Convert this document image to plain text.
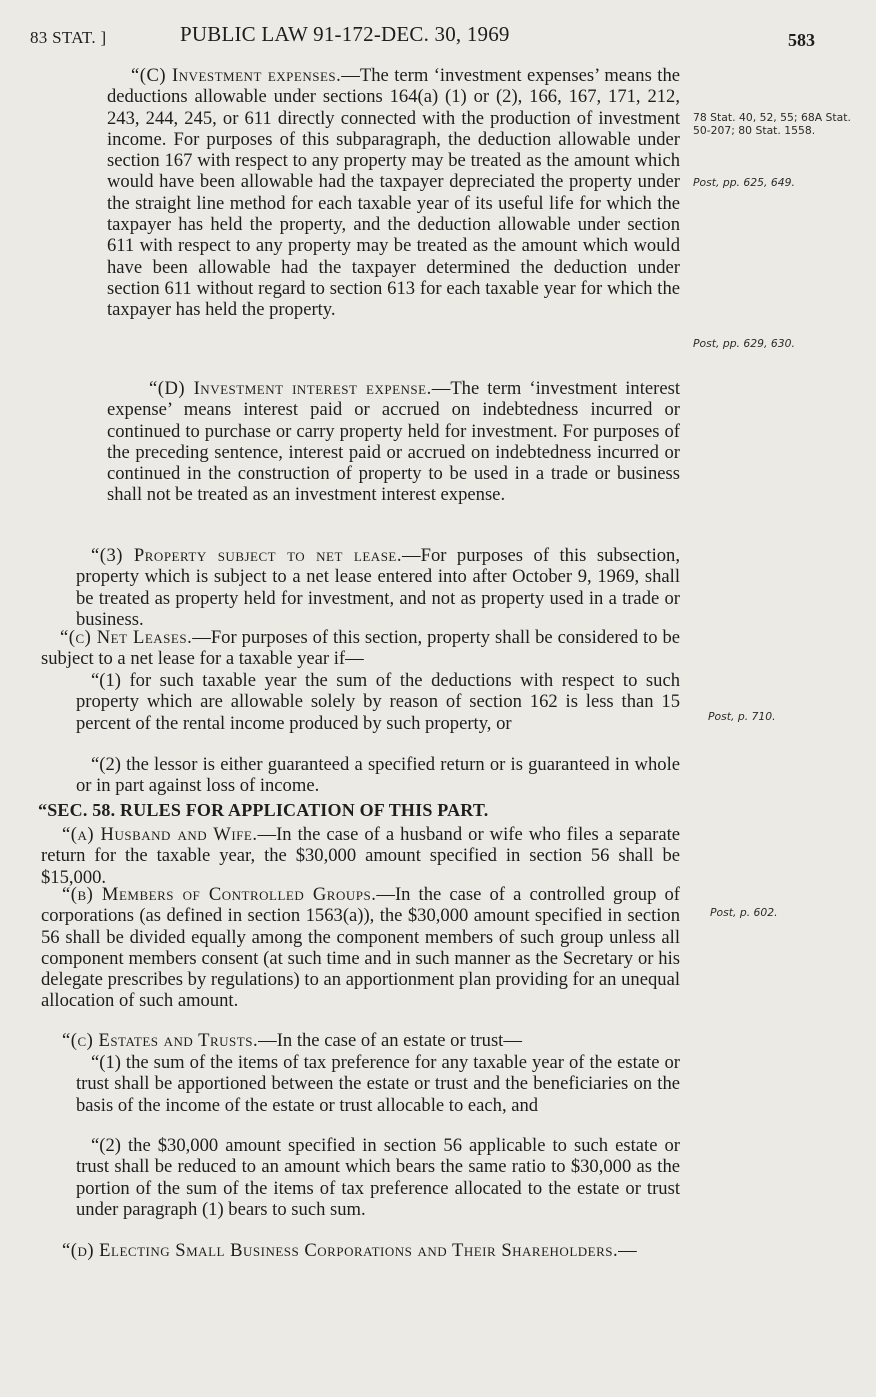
83 STAT. ]	PUBLIC LAW 91-172-DEC. 30, 1969	583

“(C) Investment expenses.—The term ‘investment expenses’ means the deductions allowable under sections 164(a) (1) or (2), 166, 167, 171, 212, 243, 244, 245, or 611 directly connected with the production of investment income. For purposes of this subparagraph, the deduction allowable under section 167 with respect to any property may be treated as the amount which would have been allowable had the taxpayer depreciated the property under the straight line method for each taxable year of its useful life for which the taxpayer has held the property, and the deduction allowable under section 611 with respect to any property may be treated as the amount which would have been allowable had the taxpayer determined the deduction under section 611 without regard to section 613 for each taxable year for which the taxpayer has held the property.

“(D) Investment interest expense.—The term ‘investment interest expense’ means interest paid or accrued on indebtedness incurred or continued to purchase or carry property held for investment. For purposes of the preceding sentence, interest paid or accrued on indebtedness incurred or continued in the construction of property to be used in a trade or business shall not be treated as an investment interest expense.

“(3) Property subject to net lease.—For purposes of this subsection, property which is subject to a net lease entered into after October 9, 1969, shall be treated as property held for investment, and not as property used in a trade or business.

“(c) Net Leases.—For purposes of this section, property shall be considered to be subject to a net lease for a taxable year if—

“(1) for such taxable year the sum of the deductions with respect to such property which are allowable solely by reason of section 162 is less than 15 percent of the rental income produced by such property, or

“(2) the lessor is either guaranteed a specified return or is guaranteed in whole or in part against loss of income.

“SEC. 58. RULES FOR APPLICATION OF THIS PART.

“(a) Husband and Wife.—In the case of a husband or wife who files a separate return for the taxable year, the $30,000 amount specified in section 56 shall be $15,000.

“(b) Members of Controlled Groups.—In the case of a controlled group of corporations (as defined in section 1563(a)), the $30,000 amount specified in section 56 shall be divided equally among the component members of such group unless all component members consent (at such time and in such manner as the Secretary or his delegate prescribes by regulations) to an apportionment plan providing for an unequal allocation of such amount.

“(c) Estates and Trusts.—In the case of an estate or trust—

“(1) the sum of the items of tax preference for any taxable year of the estate or trust shall be apportioned between the estate or trust and the beneficiaries on the basis of the income of the estate or trust allocable to each, and

“(2) the $30,000 amount specified in section 56 applicable to such estate or trust shall be reduced to an amount which bears the same ratio to $30,000 as the portion of the sum of the items of tax preference allocated to the estate or trust under paragraph (1) bears to such sum.

“(d) Electing Small Business Corporations and Their Shareholders.—

78 Stat. 40, 52, 55; 68A Stat. 50-207; 80 Stat. 1558.
Post, pp. 625, 649.
Post, pp. 629, 630.
Post, p. 710.
Post, p. 602.
